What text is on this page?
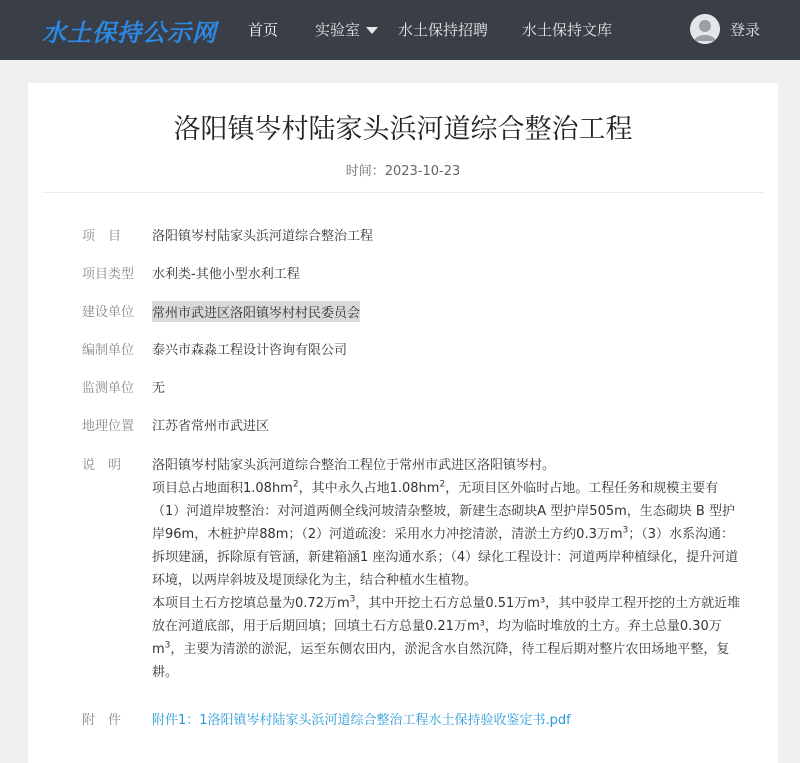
水土保持公示网 首页 实验室	水土保持招聘 水土保持文库	登录
洛阳镇岑村陆家头浜河道综合整治工程
时间：2023-10-23
项　目	洛阳镇岑村陆家头浜河道综合整治工程
项目类型	水利类-其他小型水利工程
建设单位	常州市武进区洛阳镇岑村村民委员会
编制单位	泰兴市森淼工程设计咨询有限公司
监测单位	无
地理位置	江苏省常州市武进区
说　明	洛阳镇岑村陆家头浜河道综合整治工程位于常州市武进区洛阳镇岑村。

项目总占地面积$1.08hm^2$，其中永久占地$1.08hm^2$，无项目区外临时占地。工程任务和规模主要有（1）河道岸坡整治：对河道两侧全线河坡清杂整坡，新建生态砌块A 型护岸505m，生态砌块 B 型护岸96m，木桩护岸88m；（2）河道疏浚：采用水力冲挖清淤，清淤土方约0.3万$m^3$；（3）水系沟通：拆坝建涵，拆除原有管涵，新建箱涵1 座沟通水系；（4）绿化工程设计：河道两岸种植绿化，提升河道环境，以两岸斜坡及堤顶绿化为主，结合种植水生植物。

本项目土石方挖填总量为0.72万$m^3$，其中开挖土石方总量0.51万m³，其中驳岸工程开挖的土方就近堆放在河道底部，用于后期回填；回填土石方总量0.21万m³，均为临时堆放的土方。弃土总量0.30万$m^3$，主要为清淤的淤泥，运至东侧农田内，淤泥含水自然沉降，待工程后期对整片农田场地平整，复耕。

附　件	附件1：1洛阳镇岑村陆家头浜河道综合整治工程水土保持验收鉴定书.pdf
